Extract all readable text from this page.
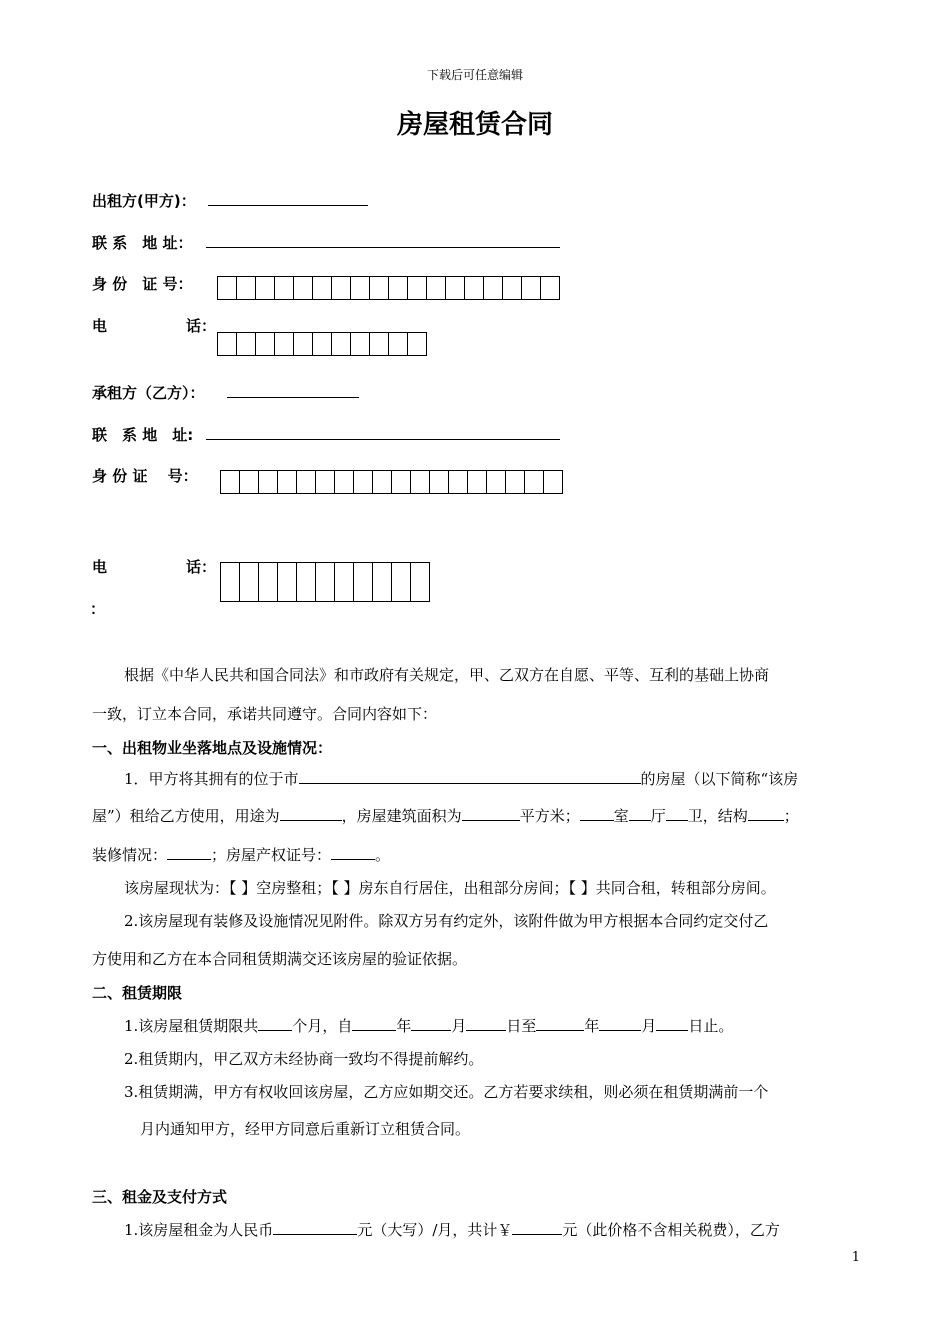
下载后可任意编辑
房屋租赁合同
出租方(甲方)：
联 系　地 址：
身 份　证 号：
电	话：
承租方（乙方）：
联　系 地　址:
身 份 证　 号：
电	话：
：
根据《中华人民共和国合同法》和市政府有关规定，甲、乙双方在自愿、平等、互利的基础上协商
一致，订立本合同，承诺共同遵守。合同内容如下：
一、出租物业坐落地点及设施情况：
1．甲方将其拥有的位于市	的房屋（以下简称“该房
屋”）租给乙方使用，用途为	，房屋建筑面积为	平方米； 室 厅 卫，结构 ；
装修情况：	；房屋产权证号：	。
该房屋现状为：【 】空房整租；【 】房东自行居住，出租部分房间；【 】共同合租，转租部分房间。
2.该房屋现有装修及设施情况见附件。除双方另有约定外，该附件做为甲方根据本合同约定交付乙
方使用和乙方在本合同租赁期满交还该房屋的验证依据。
二、租赁期限
1.该房屋租赁期限共 个月，自	年	月	日至	年	月 日止。
2.租赁期内，甲乙双方未经协商一致均不得提前解约。
3.租赁期满，甲方有权收回该房屋，乙方应如期交还。乙方若要求续租，则必须在租赁期满前一个
月内通知甲方，经甲方同意后重新订立租赁合同。
三、租金及支付方式
1.该房屋租金为人民币	元（大写）/月，共计￥	元（此价格不含相关税费），乙方
1
